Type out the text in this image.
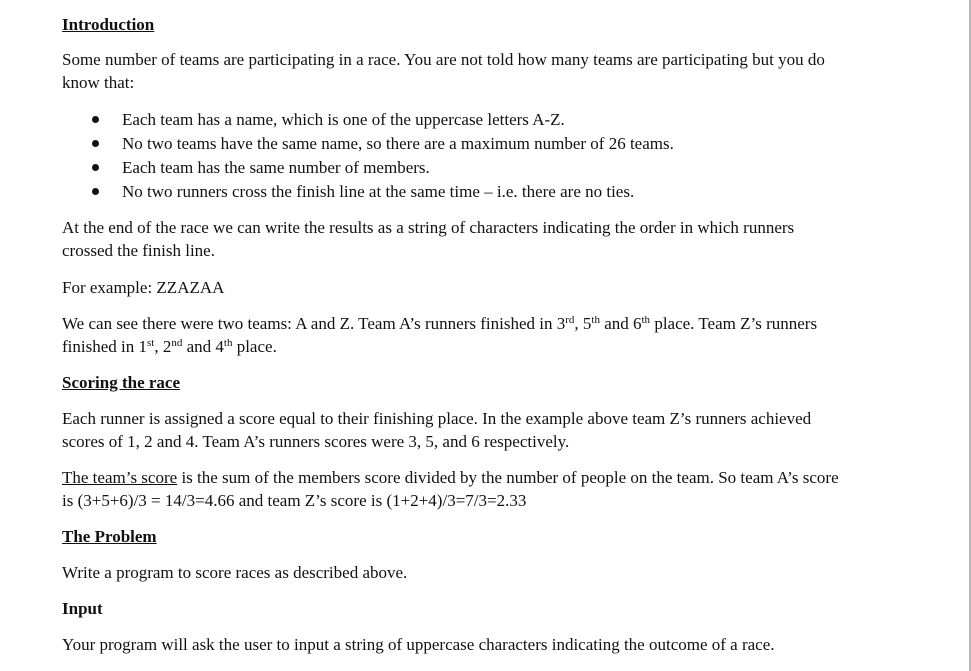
Introduction

Some number of teams are participating in a race. You are not told how many teams are participating but you do know that:

Each team has a name, which is one of the uppercase letters A-Z.
No two teams have the same name, so there are a maximum number of 26 teams.
Each team has the same number of members.
No two runners cross the finish line at the same time – i.e. there are no ties.

At the end of the race we can write the results as a string of characters indicating the order in which runners crossed the finish line.

For example: ZZAZAA

We can see there were two teams: A and Z. Team A’s runners finished in 3rd, 5th and 6th place. Team Z’s runners finished in 1st, 2nd and 4th place.

Scoring the race

Each runner is assigned a score equal to their finishing place. In the example above team Z’s runners achieved scores of 1, 2 and 4. Team A’s runners scores were 3, 5, and 6 respectively.

The team’s score is the sum of the members score divided by the number of people on the team. So team A’s score is (3+5+6)/3 = 14/3=4.66 and team Z’s score is (1+2+4)/3=7/3=2.33

The Problem

Write a program to score races as described above.

Input

Your program will ask the user to input a string of uppercase characters indicating the outcome of a race.
